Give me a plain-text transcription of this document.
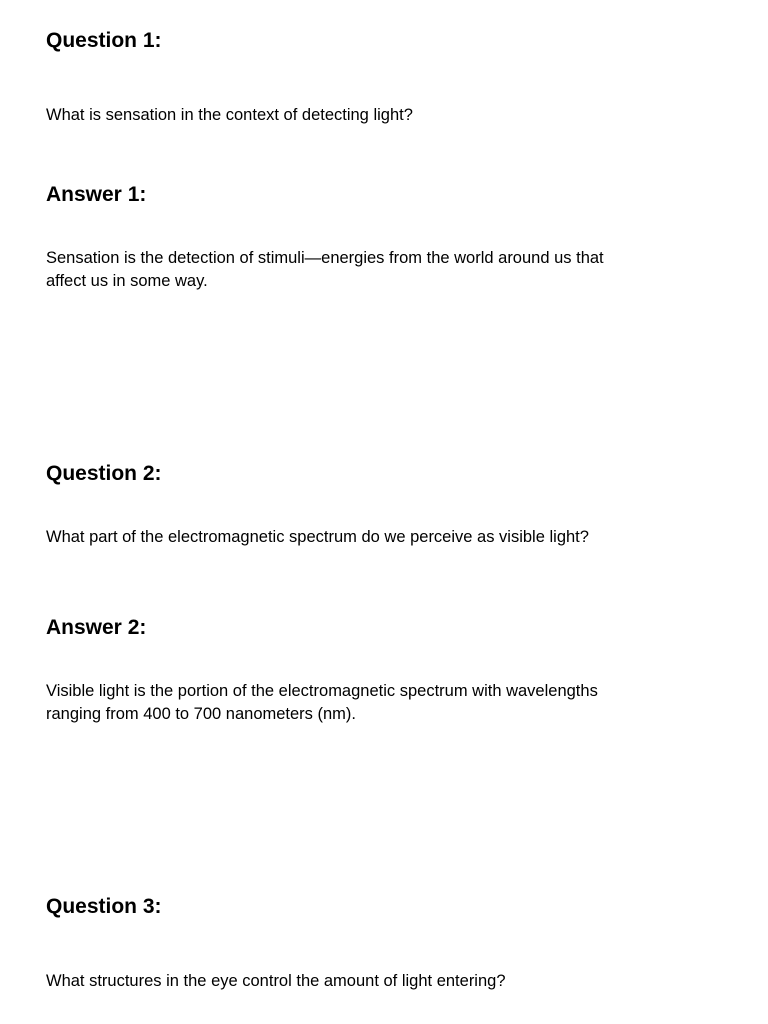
Question 1:

What is sensation in the context of detecting light?

Answer 1:

Sensation is the detection of stimuli—energies from the world around us that affect us in some way.

Question 2:

What part of the electromagnetic spectrum do we perceive as visible light?

Answer 2:

Visible light is the portion of the electromagnetic spectrum with wavelengths ranging from 400 to 700 nanometers (nm).

Question 3:

What structures in the eye control the amount of light entering?
